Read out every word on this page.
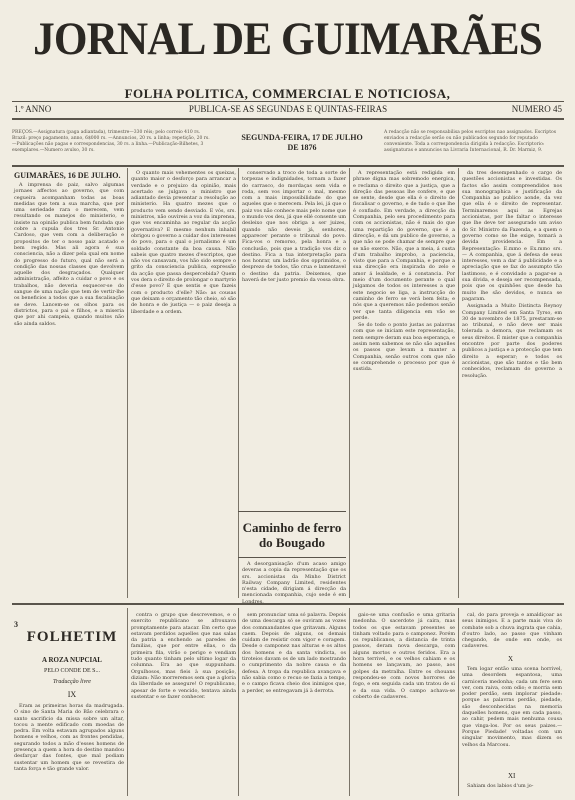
JORNAL DE GUIMARÃES
FOLHA POLITICA, COMMERCIAL E NOTICIOSA,
PUBLICA-SE AS SEGUNDAS E QUINTAS-FEIRAS
1.º ANNO	NUMERO 45
PREÇOS.—Assignatura (paga adiantada), trimestre—330 réis; pelo correio 410 rs. Brazil: preço pagamento, anno, 6$000 rs. —Annuncios, 20 rs. a linha; repetição, 20 rs.—Publicações não pagas e correspondencias, 30 rs. a linha.—Publicação-Bilhetes, 3 exemplares.—Numero avulso, 30 rs.
SEGUNDA-FEIRA, 17 DE JULHO
DE 1876
A redacção não se responsabilisa pelos escriptos nao assignados. Escriptos enviados a redacção serão ou não publicados segundo for reputado conveniente. Toda a correspondencia dirigida à redacção. Escriptorio: assignaturas e annuncios na Livraria Internacional, R. Dr. Marmiz, 9.
GUIMARÃES, 16 DE JULHO.

A imprensa do paiz, salvo algumas jornaes affectos ao governo, que com cegueira acompanham todas as boas medidas que tem a sua marcha, que por uma seriedade rara o merecem, vem resultando os manejos do ministerio, e insiste na opinião publica bem fundada que cobre a cupula dos tres Sr. Antonio Cardoso, que vem com a deliberação e propositos de ter o nosso paiz acatado e bem regido. Mas ali agora é sua consciencia, não a dizer pela qual em nome do progresso do futuro, qual não será a condição das nossas classes que devolvem aquelle dos desgraçados. Qualquer administração, affeito a cuidar o povo e os trabalhos, não deveria esquecer-se do sangue de uma nação que tem de vertir-lhe os beneficios a todos que a sua fiscalisação se deve. Lancem-se os olhos para os districtos, para o pai e filhos, e a miseria que por ahi campeia, quando muitos não são ainda saldos.

O quanto mais vehementes os queixas, quanto maior o desforço para arrancar a verdade e o prejuizo da opinião, mais acertado se julgava o ministro que adiantado devia presentar a resolução ao ministerio. Ha quatro mezes que o producto vem sendo desviado. E vós, srs. ministros, não ouvireis a voz da imprensa, que vos encaminha ao regular da acção governativa? E mesmo nenhum inhabil obrigou o governo a cuidar dos interesses do povo, para o qual o jornalismo é um soldado constante da boa causa. Não sabeis que quatro mezes d'escriptos, que não vos cansavam, vos hão sido sempre o grito da consciencia publica, expressão da acção que passa despercebida? Quem vos dera o direito de prolongar o martyrio d'esse povo? E que sentis e que fazeis com o producto d'elle? Não: as cousas que deixam o orçamento tão cheio, só são de honra e de justiça — o paiz deseja a liberdade e a ordem.

conservado a troco de toda a sorte de torpezas e indignidades, tornam a fazer do carrasco, do mordaças sem vida e roda, sem vos importar o mal, mesmo com a mais impossibilidade do que aqueles que o merecem. Pela lei, já que o paiz vos não conhece mais pelo nome que o mundo vos deu, já que ellé consente um desleixo que nos obriga a ser juizes, quando não deveis já, senhores, apparecer perante o tribunal do povo. Fica-vos o remorso, pela honra e a conclusão, pois que a tradição vos diz o destino. Fica a tua interpretação para nos honrar, um ladrão dos opprimidos, o desprezo de todos, tão crua e lamentavel o destino da patria. Deixemos, que haverá de ter justo premio da vossa obra.

Caminho de ferro
do Bougado

A desorganisação d'um acaso amigo deveras a copia da representação que os srs. accionistas da Minho District Railway Company Limited, residentes n'esta cidade, dirigiam á direcção da mencionada companhia, cujo sede é em Londres.

A representação está redigida em phrase digna mas sobremodo energica, e reclama o direito que a justiça, que a direção das pessoas lhe confere, e que se sente, desde que ella é o direito de fiscalisar o governo, e de tudo o que lhe é confiado. Em verdade, a direcção da Companhia, pelo seu procedimento para com os accionistas, não é mais do que uma repartição do governo, que é a direcção, e dá um publico de governo, a que não se pode chamar de sempre que se não exerce. Não, que a meia, á custa d'um trabalho improbo, a paciencia, visto que para a Companhia, e porque a sua direcção era inspirada do zelo e amor á lealdade, e á constancia. Por meio d'um documento perante o qual julgamos de todos os interesses a que este negocio se liga, a instrucção do caminho de ferro se verá bem feita; e nós que a queremos não podemos senão ver que tanta diligencia em vão se perde.

Se do todo o ponto justas as palavras com que se iniciam este representação, nem sempre deram sua boa esperança, e assim nem sabemos se não são aquelles os passos que levam a manter a Companhia, senão outros com que não se comprehende o processo por que é sustida.

da tres desempenhado o cargo de questões accionistas e investidas. Os factos são assim compreendidos nos sua monographica e justificação da Companhia ao publico aonde, da vez que ella é o direito de representar. Terminaremos aqui as Egrejas accionistas, por lhe faltar o interesse que lhe deve ter assegurado um aviso do Sr. Ministro da Fazenda, e a quem o governo como se lhe exige, tomará a devida providencia. Em a Representação: E.mmo e Ex.mmo srs. — A companhia, que á defesa de seus interesses, vem a dar á publicidade e a apreciação que se faz do assumpto tão lastimoso, e é convidado a pagar-se a sua divida, e deseja ser recompensada, pois que os quinhões que desde ha muito lhe são devidos, e nunca se pagaram.

Assignada a Muito Distincta Reynoy Company Limited em Santa Tyrso, em 30 de novembro de 1875, prestaram-se ao tribunal, e não deve ser mais tolerada a demora, que reclamam os seus direitos. É mister que a companhia encontre por parte dos poderes publicos a justiça e a protecção que tem direito a esperar; e todos os accionistas, que são tantos e tão bem conhecidos, reclamam do governo a resolução.

3
FOLHETIM
A ROZA NUPCIAL
PELO CONDE DE S...
Traducção livre
IX

Eram as primeiras horas da madrugada. O sino de Santa Maria do Bão celebrara o santo sacrificio da missa sobre um altar, tocou a mente edificado com moedas de pedra. Em volta estavam agrupados alguns homens e velhos, com as frontes pendidas, segurando todos a mão d'esses homens de presença a quem a hora do destino mandou desfarçar das fontes, que mal podiam sustentar um homem que se revestira de tanta força e tão grande valor.

contra o grupo que descrevemos, e o exercito republicano se afrouxava promptamente para atacar. Em certo que estavam perdidos aquelles que nas salas da patria a enchendo as paredes de familias, que por entre ellas, o da primeira fila, virão o perigo e vendiam tudo quanto tinham pelo ultimo logar da columna. Era ao que suppunham. Orgulhosos, mas fieis à sua posição, diziam: Não morreremos sem que a gloria da liberdade se assegure! O republicano, apesar de forte e vencido, tentava ainda sustentar e se fazer conhecer.

sem pronunciar uma só palavra. Depois de uma descarga só se ouviram as vozes dos commandantes que gritavam. Alguns caem. Depois de alguns, os demais cuidam de resistir com vigor e coragem. Desde o camponez nas alturas e os altos dos homens e da santa vindicta, os tiroteios davam os de um lado mostrando o cumprimento da nobre causa e da defesa. A tropa da republica avançava e não sabia como o recuo se fazia a tempo, e o campo ficava cheio dos inimigos que, a perder, se entregavam já à derrota.

gaio-se uma confusão e uma gritaria medonha. O sacerdote já caira, mas todos os que estavam presentes se tinham voltado para o camponez. Porém os republicanos, a distancia de trinta passos, deram nova descarga, com alguns mortos e outros feridos. Era a hora terrivel, e os velhos cahiam e os homens se lançavam, ao passo, aos golpes da metralha. Entre os chouans respondeu-se com novos horrores de fogo, e em seguida cada um tratou de si e da sua vida. O campo achava-se coberto de cadaveres.

cal, do para proveja e amaldiçoar as seus inimigos. E a parte mais viva do combate sob a chuva ingrata que cahia, d'outro lado, ao passo que vinham chegando, de onde em onde, os cadaveres.

X

Tem logar então uma scena horrivel, uma desordem espantosa, uma carniceria medonha; cada um fere sem ver, com raiva, com odio; e morria sem poder perdão, sem implorar piedade: porque as palavras perdão, piedade, são desconhecidas na memoria daquelles homens, que em cada passo, ao cahir, pedem mais nenhuma cousa que vinga-los. Por os seus paizes.—Porque Piedade! voltadas com um singular movimento, mas dizem os velhos da Marcosu.

XI

Sahiam dos labios d'um jo-
